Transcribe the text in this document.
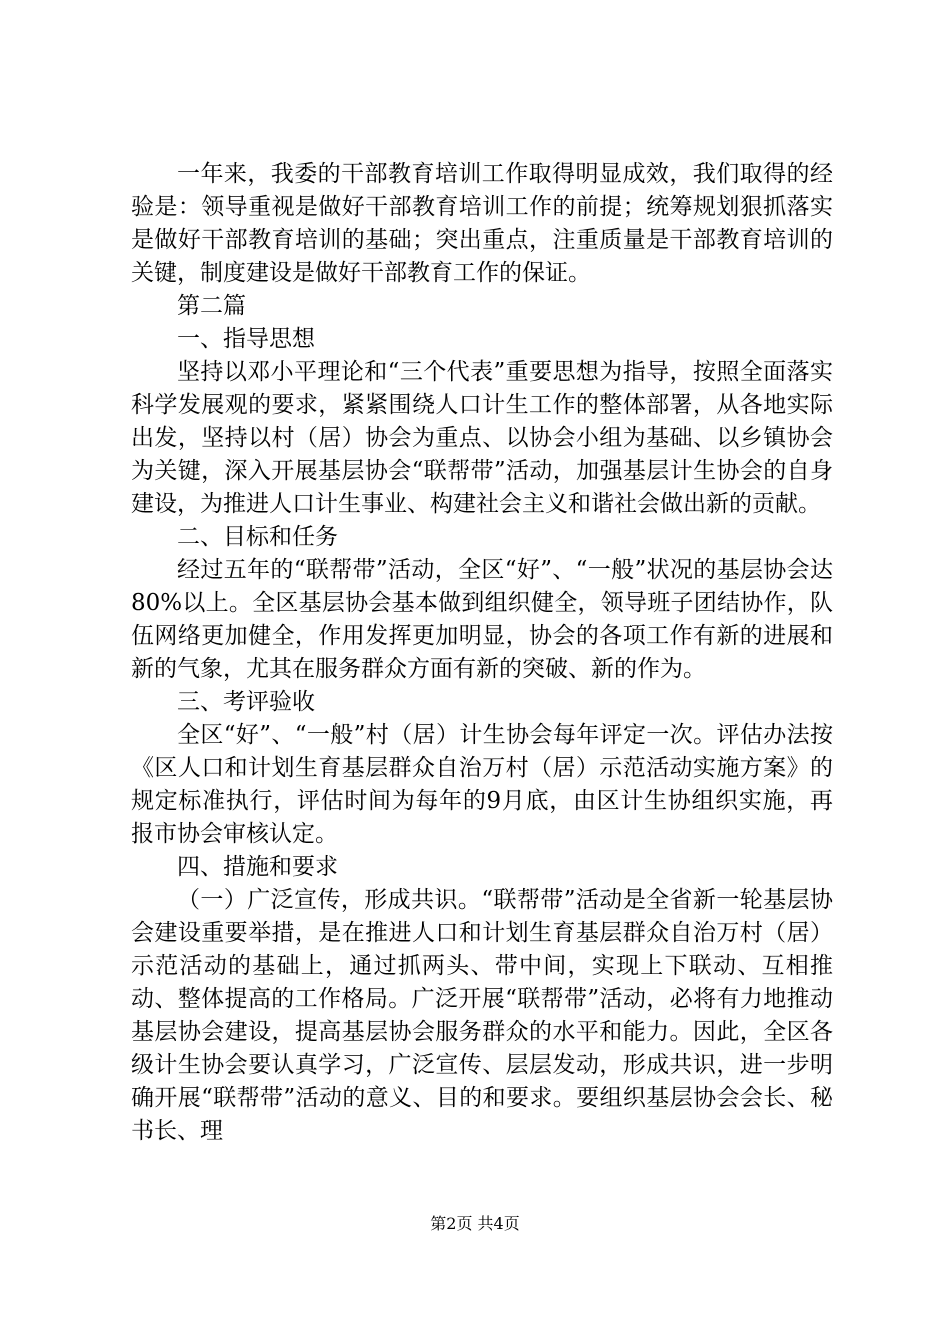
一年来，我委的干部教育培训工作取得明显成效，我们取得的经验是：领导重视是做好干部教育培训工作的前提；统筹规划狠抓落实是做好干部教育培训的基础；突出重点，注重质量是干部教育培训的关键，制度建设是做好干部教育工作的保证。

第二篇

一、指导思想

坚持以邓小平理论和“三个代表”重要思想为指导，按照全面落实科学发展观的要求，紧紧围绕人口计生工作的整体部署，从各地实际出发，坚持以村（居）协会为重点、以协会小组为基础、以乡镇协会为关键，深入开展基层协会“联帮带”活动，加强基层计生协会的自身建设，为推进人口计生事业、构建社会主义和谐社会做出新的贡献。

二、目标和任务

经过五年的“联帮带”活动，全区“好”、“一般”状况的基层协会达80%以上。全区基层协会基本做到组织健全，领导班子团结协作，队伍网络更加健全，作用发挥更加明显，协会的各项工作有新的进展和新的气象，尤其在服务群众方面有新的突破、新的作为。

三、考评验收

全区“好”、“一般”村（居）计生协会每年评定一次。评估办法按《区人口和计划生育基层群众自治万村（居）示范活动实施方案》的规定标准执行，评估时间为每年的9月底，由区计生协组织实施，再报市协会审核认定。

四、措施和要求

（一）广泛宣传，形成共识。“联帮带”活动是全省新一轮基层协会建设重要举措，是在推进人口和计划生育基层群众自治万村（居）示范活动的基础上，通过抓两头、带中间，实现上下联动、互相推动、整体提高的工作格局。广泛开展“联帮带”活动，必将有力地推动基层协会建设，提高基层协会服务群众的水平和能力。因此，全区各级计生协会要认真学习，广泛宣传、层层发动，形成共识，进一步明确开展“联帮带”活动的意义、目的和要求。要组织基层协会会长、秘书长、理

第2页 共4页
